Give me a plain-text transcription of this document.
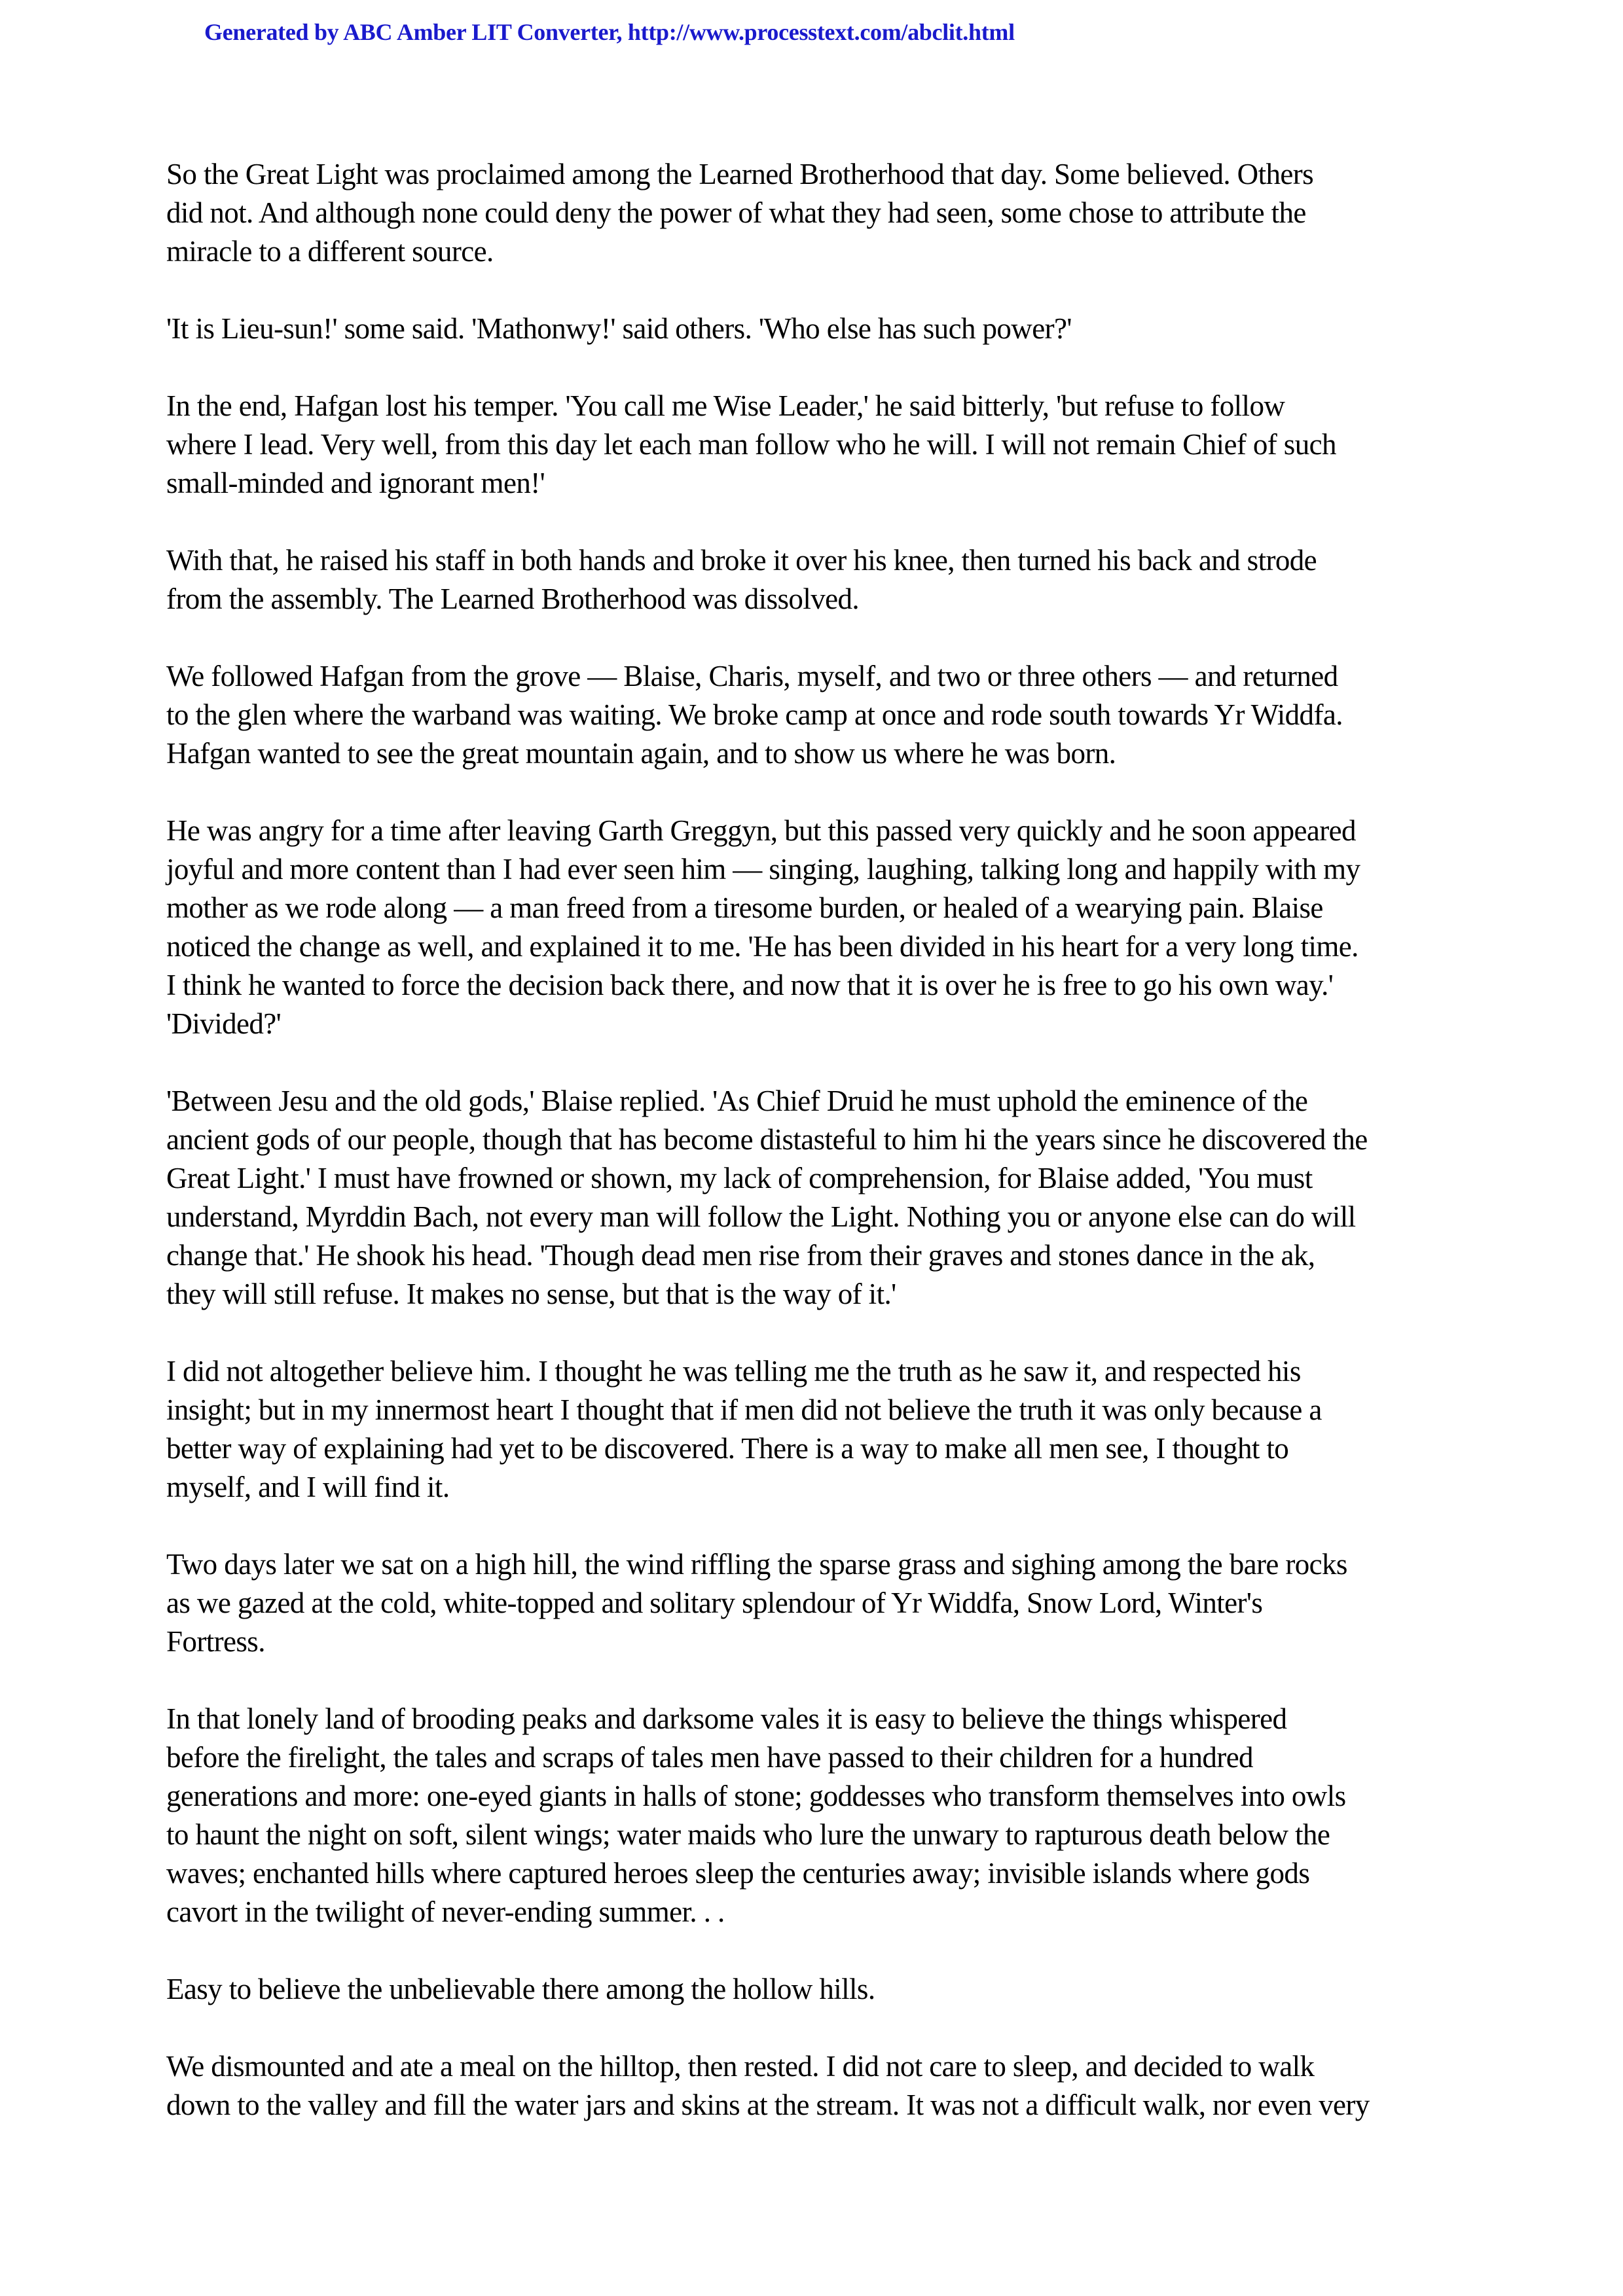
Generated by ABC Amber LIT Converter, http://www.processtext.com/abclit.html
So the Great Light was proclaimed among the Learned Brotherhood that day. Some believed. Others
did not. And although none could deny the power of what they had seen, some chose to attribute the
miracle to a different source.
'It is Lieu-sun!' some said. 'Mathonwy!' said others. 'Who else has such power?'
In the end, Hafgan lost his temper. 'You call me Wise Leader,' he said bitterly, 'but refuse to follow
where I lead. Very well, from this day let each man follow who he will. I will not remain Chief of such
small-minded and ignorant men!'
With that, he raised his staff in both hands and broke it over his knee, then turned his back and strode
from the assembly. The Learned Brotherhood was dissolved.
We followed Hafgan from the grove — Blaise, Charis, myself, and two or three others — and returned
to the glen where the warband was waiting. We broke camp at once and rode south towards Yr Widdfa.
Hafgan wanted to see the great mountain again, and to show us where he was born.
He was angry for a time after leaving Garth Greggyn, but this passed very quickly and he soon appeared
joyful and more content than I had ever seen him — singing, laughing, talking long and happily with my
mother as we rode along — a man freed from a tiresome burden, or healed of a wearying pain. Blaise
noticed the change as well, and explained it to me. 'He has been divided in his heart for a very long time.
I think he wanted to force the decision back there, and now that it is over he is free to go his own way.'
'Divided?'
'Between Jesu and the old gods,' Blaise replied. 'As Chief Druid he must uphold the eminence of the
ancient gods of our people, though that has become distasteful to him hi the years since he discovered the
Great Light.' I must have frowned or shown, my lack of comprehension, for Blaise added, 'You must
understand, Myrddin Bach, not every man will follow the Light. Nothing you or anyone else can do will
change that.' He shook his head. 'Though dead men rise from their graves and stones dance in the ak,
they will still refuse. It makes no sense, but that is the way of it.'
I did not altogether believe him. I thought he was telling me the truth as he saw it, and respected his
insight; but in my innermost heart I thought that if men did not believe the truth it was only because a
better way of explaining had yet to be discovered. There is a way to make all men see, I thought to
myself, and I will find it.
Two days later we sat on a high hill, the wind riffling the sparse grass and sighing among the bare rocks
as we gazed at the cold, white-topped and solitary splendour of Yr Widdfa, Snow Lord, Winter's
Fortress.
In that lonely land of brooding peaks and darksome vales it is easy to believe the things whispered
before the firelight, the tales and scraps of tales men have passed to their children for a hundred
generations and more: one-eyed giants in halls of stone; goddesses who transform themselves into owls
to haunt the night on soft, silent wings; water maids who lure the unwary to rapturous death below the
waves; enchanted hills where captured heroes sleep the centuries away; invisible islands where gods
cavort in the twilight of never-ending summer. . .
Easy to believe the unbelievable there among the hollow hills.
We dismounted and ate a meal on the hilltop, then rested. I did not care to sleep, and decided to walk
down to the valley and fill the water jars and skins at the stream. It was not a difficult walk, nor even very
